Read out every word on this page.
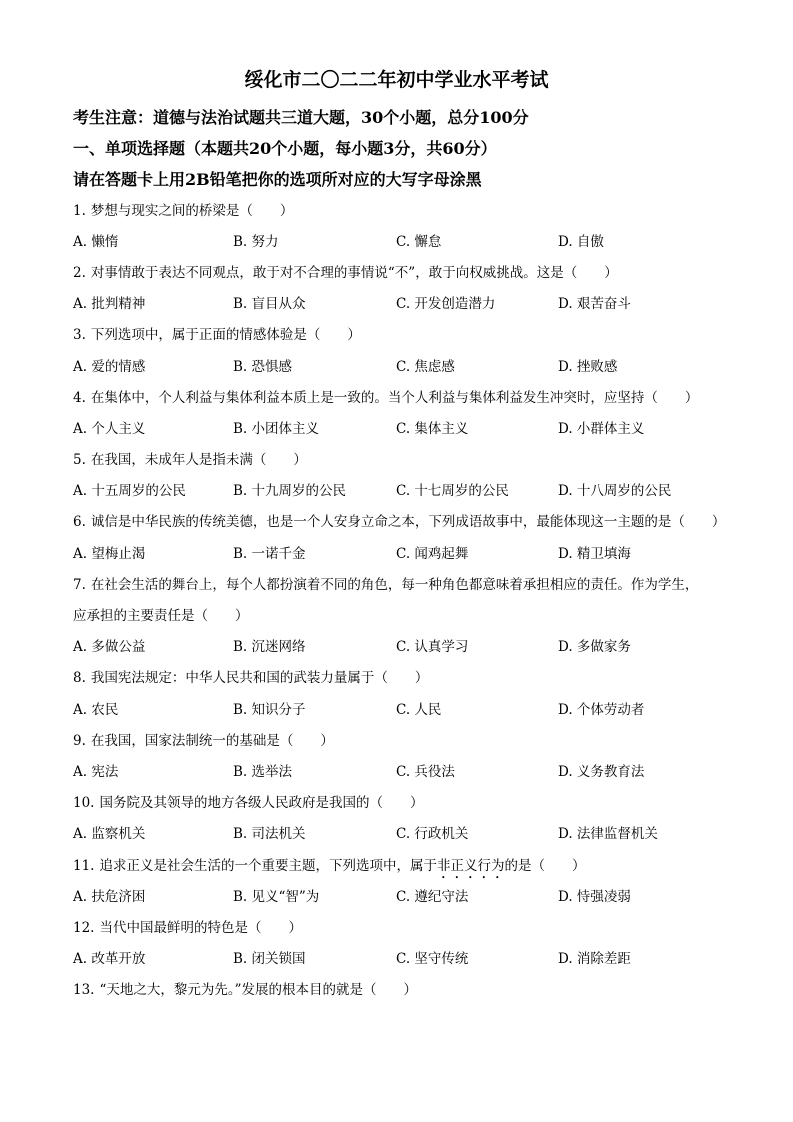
绥化市二〇二二年初中学业水平考试
考生注意：道德与法治试题共三道大题，30个小题，总分100分
一、单项选择题（本题共20个小题，每小题3分，共60分）
请在答题卡上用2B铅笔把你的选项所对应的大写字母涂黑
1. 梦想与现实之间的桥梁是（　　）
A. 懒惰	B. 努力	C. 懈怠	D. 自傲
2. 对事情敢于表达不同观点，敢于对不合理的事情说“不”，敢于向权威挑战。这是（　　）
A. 批判精神	B. 盲目从众	C. 开发创造潜力	D. 艰苦奋斗
3. 下列选项中，属于正面的情感体验是（　　）
A. 爱的情感	B. 恐惧感	C. 焦虑感	D. 挫败感
4. 在集体中，个人利益与集体利益本质上是一致的。当个人利益与集体利益发生冲突时，应坚持（　　）
A. 个人主义	B. 小团体主义	C. 集体主义	D. 小群体主义
5. 在我国，未成年人是指未满（　　）
A. 十五周岁的公民	B. 十九周岁的公民	C. 十七周岁的公民	D. 十八周岁的公民
6. 诚信是中华民族的传统美德，也是一个人安身立命之本，下列成语故事中，最能体现这一主题的是（　　）
A. 望梅止渴	B. 一诺千金	C. 闻鸡起舞	D. 精卫填海
7. 在社会生活的舞台上，每个人都扮演着不同的角色，每一种角色都意味着承担相应的责任。作为学生，
应承担的主要责任是（　　）
A. 多做公益	B. 沉迷网络	C. 认真学习	D. 多做家务
8. 我国宪法规定：中华人民共和国的武装力量属于（　　）
A. 农民	B. 知识分子	C. 人民	D. 个体劳动者
9. 在我国，国家法制统一的基础是（　　）
A. 宪法	B. 选举法	C. 兵役法	D. 义务教育法
10. 国务院及其领导的地方各级人民政府是我国的（　　）
A. 监察机关	B. 司法机关	C. 行政机关	D. 法律监督机关
11. 追求正义是社会生活的一个重要主题，下列选项中，属于非正义行为的是（　　）
A. 扶危济困	B. 见义“智”为	C. 遵纪守法	D. 恃强凌弱
12. 当代中国最鲜明的特色是（　　）
A. 改革开放	B. 闭关锁国	C. 坚守传统	D. 消除差距
13. “天地之大，黎元为先。”发展的根本目的就是（　　）
